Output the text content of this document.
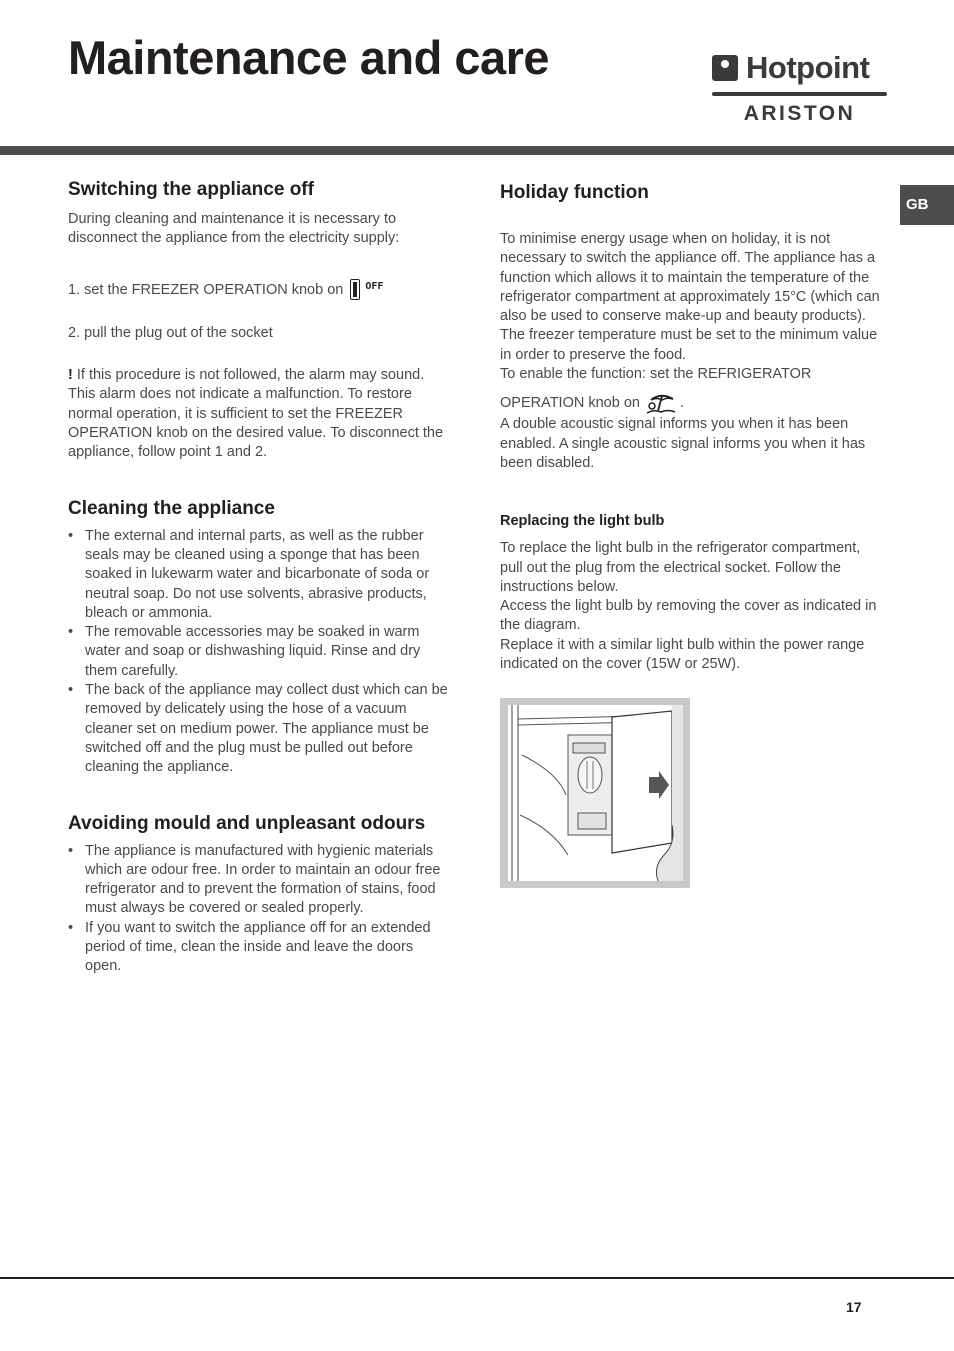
Maintenance and care	Hotpoint
ARISTON
GB
Switching the appliance off

During cleaning and maintenance it is necessary to disconnect the appliance from the electricity supply:

1. set the FREEZER OPERATION knob on OFF

2. pull the plug out of the socket

! If this procedure is not followed, the alarm may sound. This alarm does not indicate a malfunction. To restore normal operation, it is sufficient to set the FREEZER OPERATION knob on the desired value. To disconnect the appliance, follow point 1 and 2.

Cleaning the appliance
• The external and internal parts, as well as the rubber seals may be cleaned using a sponge that has been soaked in lukewarm water and bicarbonate of soda or neutral soap. Do not use solvents, abrasive products, bleach or ammonia.
• The removable accessories may be soaked in warm water and soap or dishwashing liquid. Rinse and dry them carefully.
• The back of the appliance may collect dust which can be removed by delicately using the hose of a vacuum cleaner set on medium power. The appliance must be switched off and the plug must be pulled out before cleaning the appliance.
Avoiding mould and unpleasant odours
• The appliance is manufactured with hygienic materials which are odour free. In order to maintain an odour free refrigerator and to prevent the formation of stains, food must always be covered or sealed properly.
• If you want to switch the appliance off for an extended period of time, clean the inside and leave the doors open.
Holiday function

To minimise energy usage when on holiday, it is not necessary to switch the appliance off. The appliance has a function which allows it to maintain the temperature of the refrigerator compartment at approximately 15°C (which can also be used to conserve make-up and beauty products). The freezer temperature must be set to the minimum value in order to preserve the food.

To enable the function: set the REFRIGERATOR

OPERATION knob on  .

A double acoustic signal informs you when it has been enabled. A single acoustic signal informs you when it has been disabled.

Replacing the light bulb

To replace the light bulb in the refrigerator compartment, pull out the plug from the electrical socket. Follow the instructions below.

Access the light bulb by removing the cover as indicated in the diagram.

Replace it with a similar light bulb within the power range indicated on the cover (15W or 25W).

17
